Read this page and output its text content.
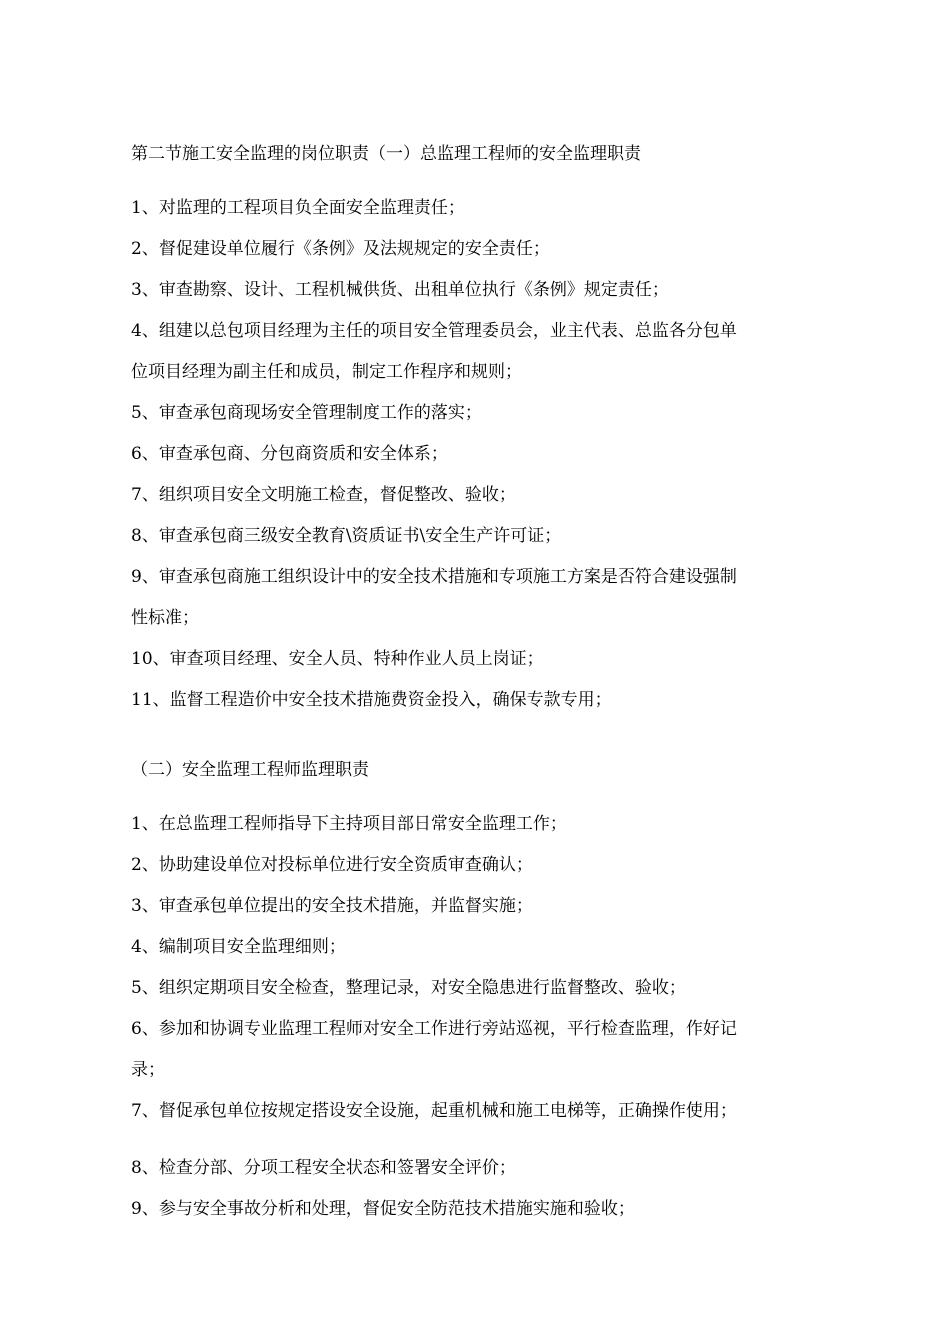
第二节施工安全监理的岗位职责（一）总监理工程师的安全监理职责
1、对监理的工程项目负全面安全监理责任；
2、督促建设单位履行《条例》及法规规定的安全责任；
3、审查勘察、设计、工程机械供货、出租单位执行《条例》规定责任；
4、组建以总包项目经理为主任的项目安全管理委员会，业主代表、总监各分包单
位项目经理为副主任和成员，制定工作程序和规则；
5、审查承包商现场安全管理制度工作的落实；
6、审查承包商、分包商资质和安全体系；
7、组织项目安全文明施工检查，督促整改、验收；
8、审查承包商三级安全教育\资质证书\安全生产许可证；
9、审查承包商施工组织设计中的安全技术措施和专项施工方案是否符合建设强制
性标准；
10、审查项目经理、安全人员、特种作业人员上岗证；
11、监督工程造价中安全技术措施费资金投入，确保专款专用；
（二）安全监理工程师监理职责
1、在总监理工程师指导下主持项目部日常安全监理工作；
2、协助建设单位对投标单位进行安全资质审查确认；
3、审查承包单位提出的安全技术措施，并监督实施；
4、编制项目安全监理细则；
5、组织定期项目安全检查，整理记录，对安全隐患进行监督整改、验收；
6、参加和协调专业监理工程师对安全工作进行旁站巡视，平行检查监理，作好记
录；
7、督促承包单位按规定搭设安全设施，起重机械和施工电梯等，正确操作使用；
8、检查分部、分项工程安全状态和签署安全评价；
9、参与安全事故分析和处理，督促安全防范技术措施实施和验收；
